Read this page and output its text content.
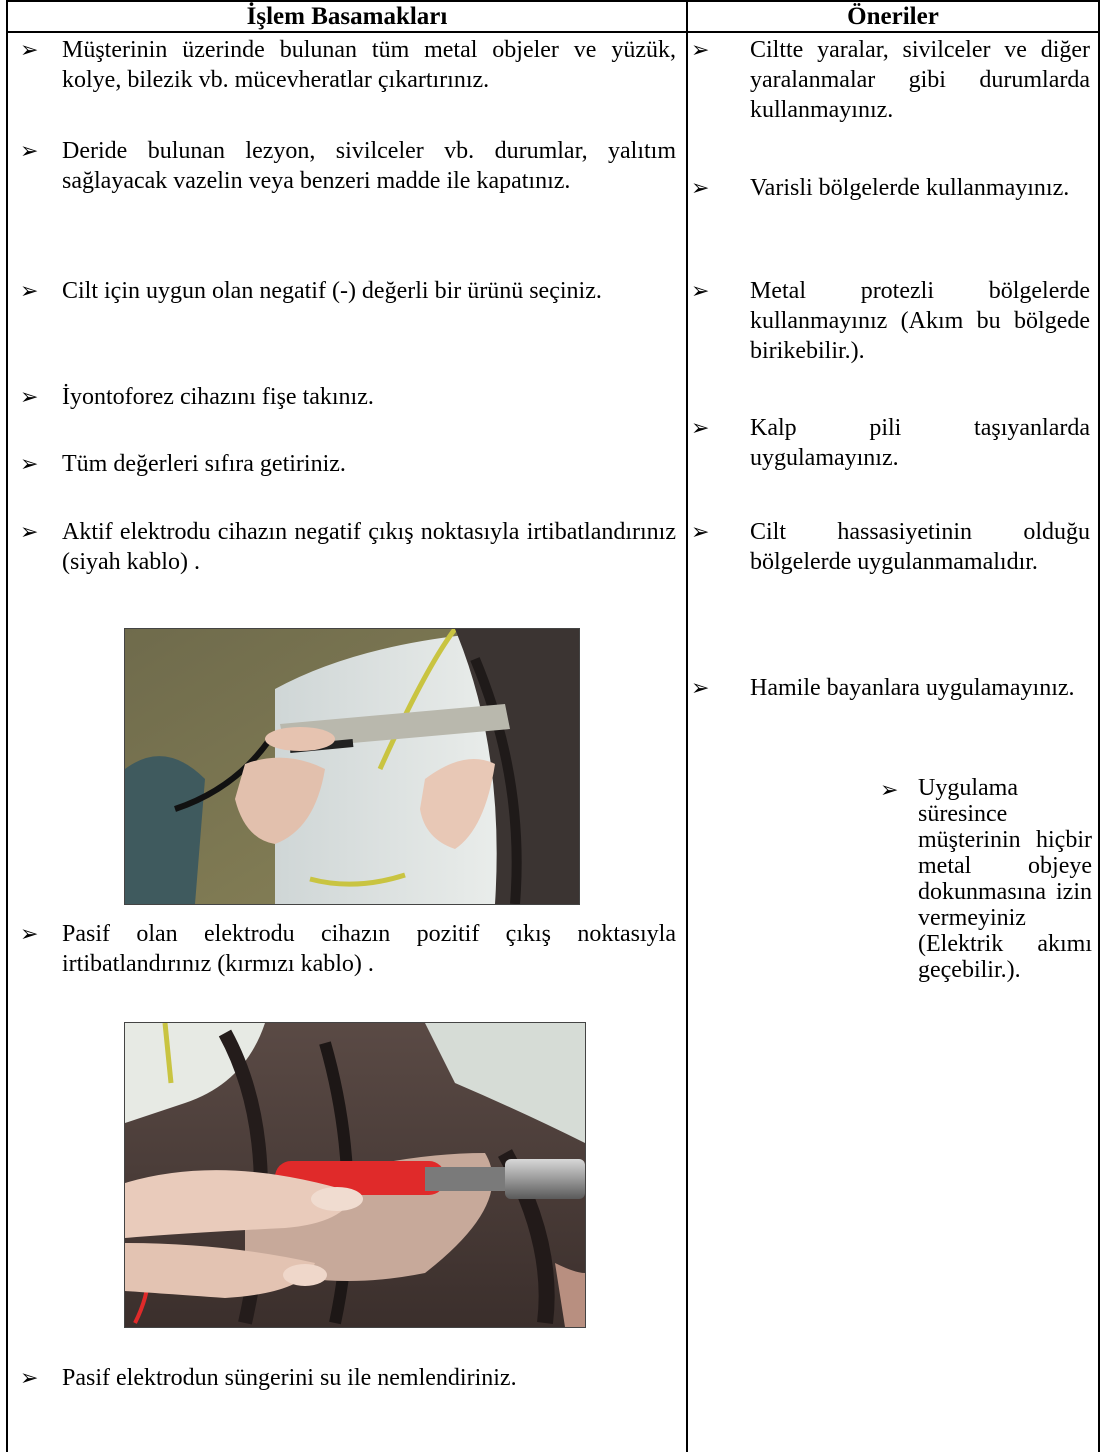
İşlem Basamakları	Öneriler
➢ Müşterinin üzerinde bulunan tüm metal objeler ve yüzük, kolye, bilezik vb. mücevheratlar çıkartırınız.
➢ Deride bulunan lezyon, sivilceler vb. durumlar, yalıtım sağlayacak vazelin veya benzeri madde ile kapatınız.
➢ Cilt için uygun olan negatif (-) değerli bir ürünü seçiniz.
➢ İyontoforez cihazını fişe takınız.
➢ Tüm değerleri sıfıra getiriniz.
➢ Aktif elektrodu cihazın negatif çıkış noktasıyla irtibatlandırınız (siyah kablo) .
➢ Pasif olan elektrodu cihazın pozitif çıkış noktasıyla irtibatlandırınız (kırmızı kablo) .
➢ Pasif elektrodun süngerini su ile nemlendiriniz.
➢ Ciltte yaralar, sivilceler ve diğer yaralanmalar gibi durumlarda kullanmayınız.
➢ Varisli bölgelerde kullanmayınız.
➢ Metal protezli bölgelerde kullanmayınız (Akım bu bölgede birikebilir.).
➢ Kalp pili taşıyanlarda uygulamayınız.
➢ Cilt hassasiyetinin olduğu bölgelerde uygulanmamalıdır.
➢ Hamile bayanlara uygulamayınız.
➢ Uygulama süresince müşterinin hiçbir metal objeye dokunmasına izin vermeyiniz (Elektrik akımı geçebilir.).
